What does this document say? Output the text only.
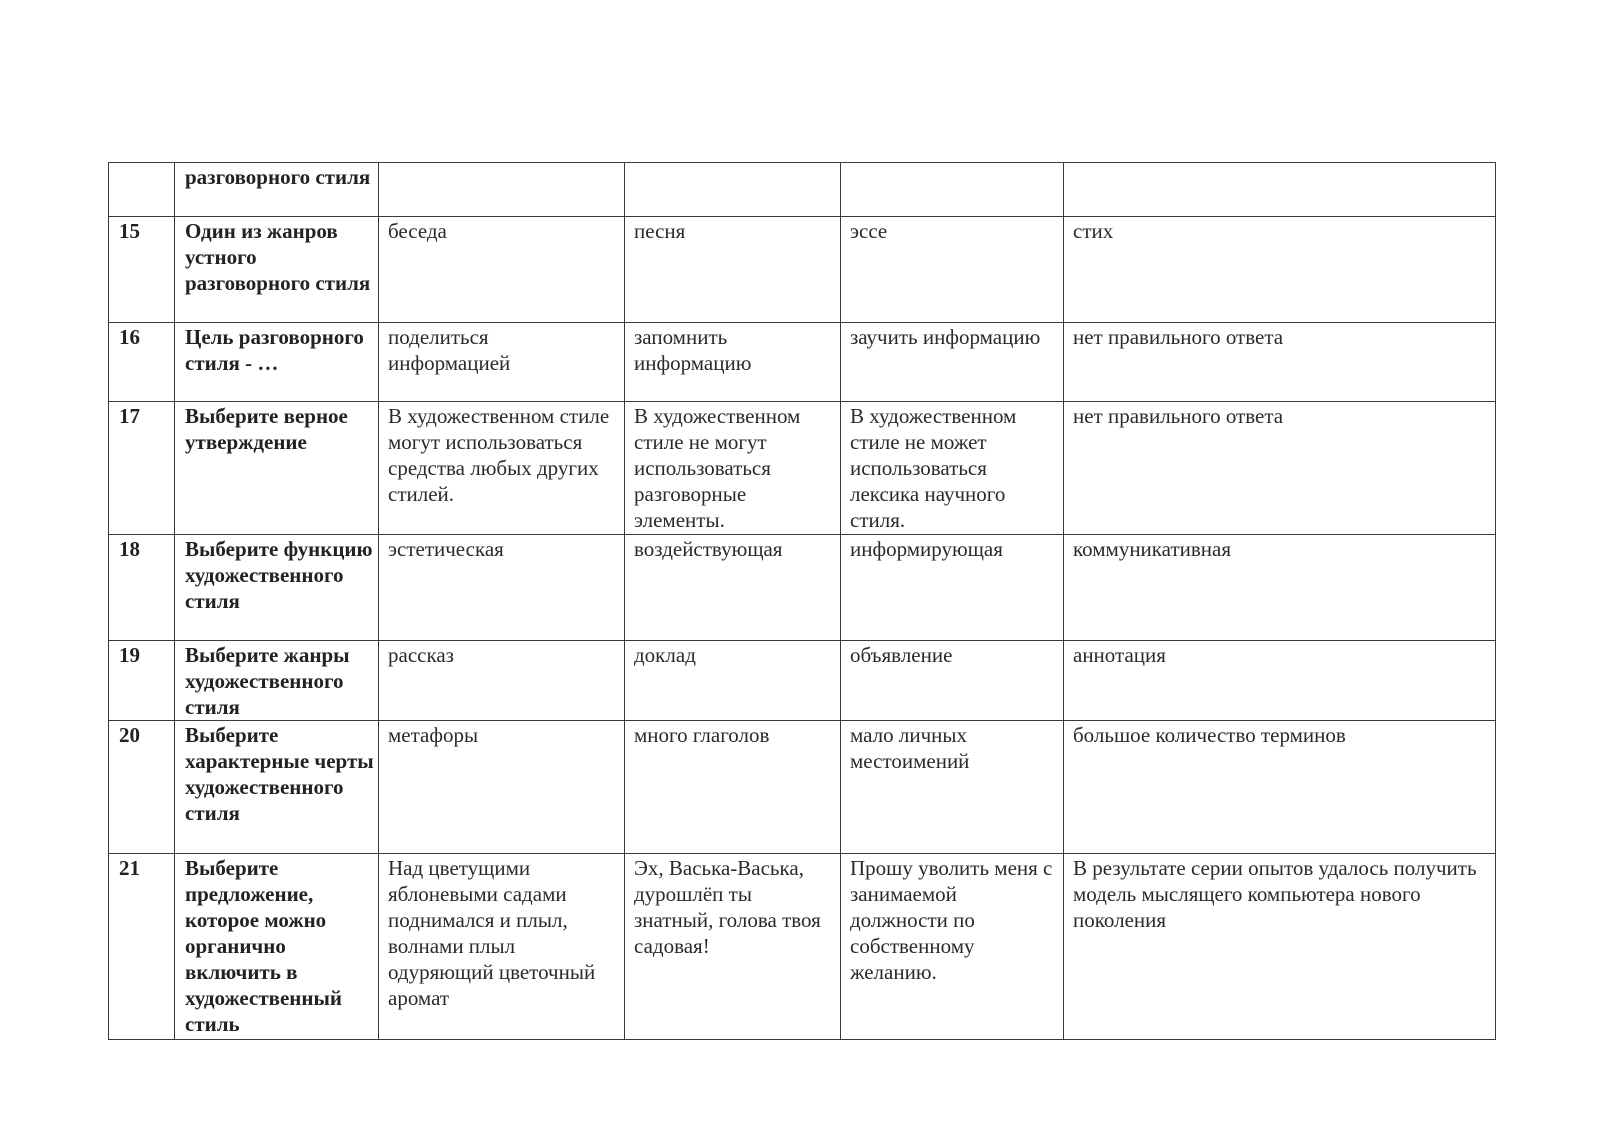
	разговорного стиля				
15	Один из жанров устного разговорного стиля	беседа	песня	эссе	стих
16	Цель разговорного стиля - …	поделиться информацией	запомнить информацию	заучить информацию	нет правильного ответа
17	Выберите верное утверждение	В художественном стиле могут использоваться средства любых других стилей.	В художественном стиле не могут использоваться разговорные элементы.	В художественном стиле не может использоваться лексика научного стиля.	нет правильного ответа
18	Выберите функцию художественного стиля	эстетическая	воздействующая	информирующая	коммуникативная
19	Выберите жанры художественного стиля	рассказ	доклад	объявление	аннотация
20	Выберите характерные черты художественного стиля	метафоры	много глаголов	мало личных местоимений	большое количество терминов
21	Выберите предложение, которое можно органично включить в художественный стиль	Над цветущими яблоневыми садами поднимался и плыл, волнами плыл одуряющий цветочный аромат	Эх, Васька-Васька, дурошлёп ты знатный, голова твоя садовая!	Прошу уволить меня с занимаемой должности по собственному желанию.	В результате серии опытов удалось получить модель мыслящего компьютера нового поколения
